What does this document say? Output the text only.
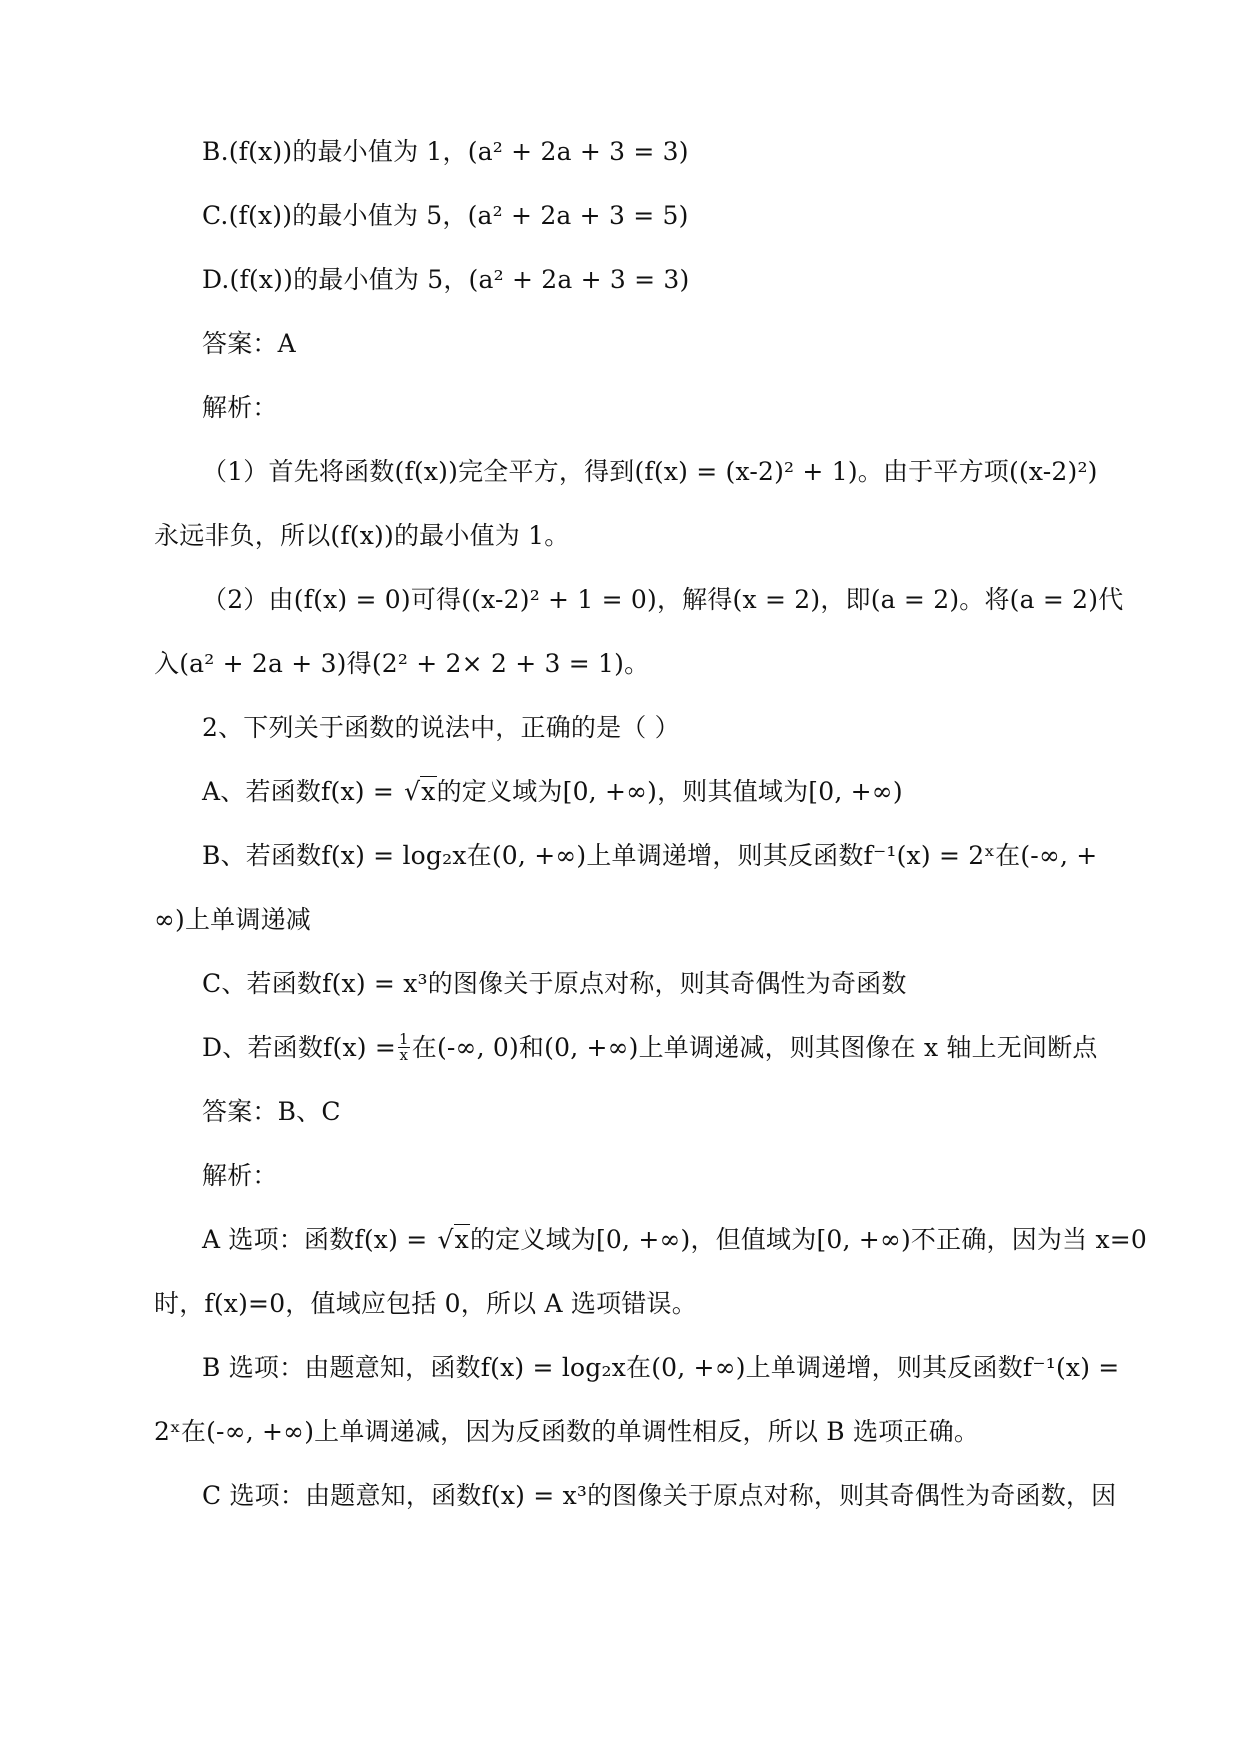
B.(f(x))的最小值为 1，(a² + 2a + 3 = 3)
C.(f(x))的最小值为 5，(a² + 2a + 3 = 5)
D.(f(x))的最小值为 5，(a² + 2a + 3 = 3)
答案：A
解析：
（1）首先将函数(f(x))完全平方，得到(f(x) = (x-2)² + 1)。由于平方项((x-2)²)
永远非负，所以(f(x))的最小值为 1。
（2）由(f(x) = 0)可得((x-2)² + 1 = 0)，解得(x = 2)，即(a = 2)。将(a = 2)代
入(a² + 2a + 3)得(2² + 2× 2 + 3 = 1)。
2、下列关于函数的说法中，正确的是（ ）
A、若函数f(x) = √x的定义域为[0, +∞)，则其值域为[0, +∞)
B、若函数f(x) = log₂x在(0, +∞)上单调递增，则其反函数f⁻¹(x) = 2ˣ在(-∞, +
∞)上单调递减
C、若函数f(x) = x³的图像关于原点对称，则其奇偶性为奇函数
D、若函数$f(x) = \frac{1}{x}$ 在(-∞, 0)和(0, +∞)上单调递减，则其图像在 x 轴上无间断点
答案：B、C
解析：
A 选项：函数f(x) = √x的定义域为[0, +∞)，但值域为[0, +∞)不正确，因为当 x=0
时，f(x)=0，值域应包括 0，所以 A 选项错误。
B 选项：由题意知，函数f(x) = log₂x在(0, +∞)上单调递增，则其反函数f⁻¹(x) =
2ˣ在(-∞, +∞)上单调递减，因为反函数的单调性相反，所以 B 选项正确。
C 选项：由题意知，函数f(x) = x³的图像关于原点对称，则其奇偶性为奇函数，因
